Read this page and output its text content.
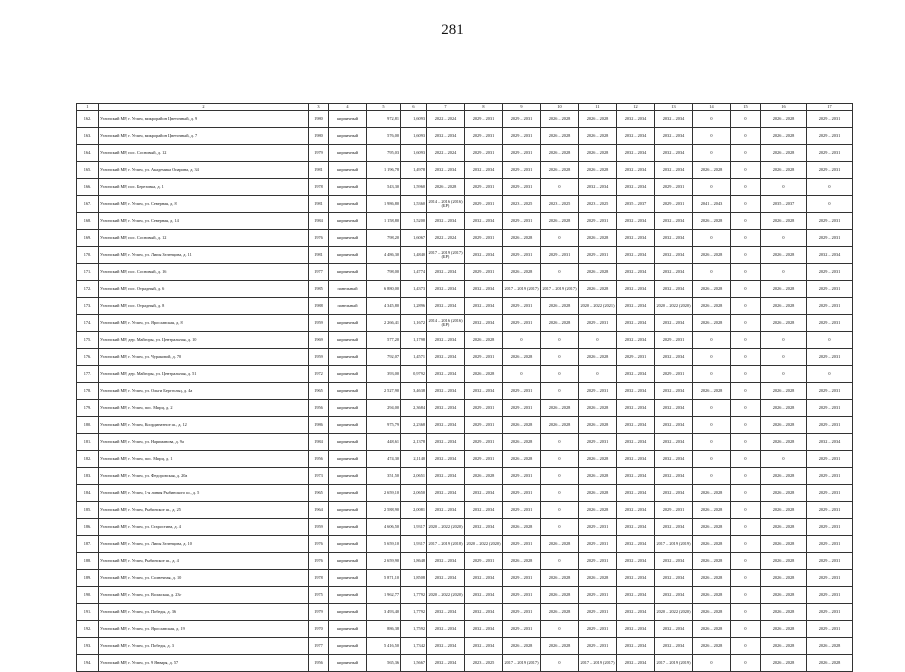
281
1	2	3	4	5	6	7	8	9	10	11	12	13	14	15	16	17
162.	Угличский МР, г. Углич, микрорайон Цветочный, д. 9	1980	кирпичный	972,81	1,6093	2022 – 2024	2029 – 2031	2029 – 2031	2026 – 2028	2026 – 2028	2032 – 2034	2032 – 2034	0	0	2026 – 2028	2029 – 2031
163.	Угличский МР, г. Углич, микрорайон Цветочный, д. 7	1980	кирпичный	576,00	1,6093	2032 – 2034	2029 – 2031	2029 – 2031	2026 – 2028	2026 – 2028	2032 – 2034	2032 – 2034	0	0	2026 – 2028	2029 – 2031
164.	Угличский МР, пос. Сосновый, д. 12	1979	кирпичный	795,03	1,6093	2022 – 2024	2029 – 2031	2029 – 2031	2026 – 2028	2026 – 2028	2032 – 2034	2032 – 2034	0	0	2026 – 2028	2029 – 2031
165.	Угличский МР, г. Углич, ул. Академика Опарина, д. 34	1981	кирпичный	1 196,78	1,4978	2032 – 2034	2032 – 2034	2029 – 2031	2026 – 2028	2026 – 2028	2032 – 2034	2032 – 2034	2026 – 2028	0	2026 – 2028	2029 – 2031
166.	Угличский МР, пос. Березовка, д. 1	1978	кирпичный	543,30	1,5960	2026 – 2028	2029 – 2031	2029 – 2031	0	2032 – 2034	2032 – 2034	2029 – 2031	0	0	0	0
167.	Угличский МР, г. Углич, ул. Северная, д. 8	1981	кирпичный	1 986,80	1,5360	2014 – 2016 (2016)(БР)	2029 – 2031	2023 – 2025	2023 – 2025	2023 – 2025	2035 – 2037	2029 – 2031	2041 – 2043	0	2035 – 2037	0
168.	Угличский МР, г. Углич, ул. Северная, д. 14	1984	кирпичный	1 158,80	1,5200	2032 – 2034	2032 – 2034	2029 – 2031	2026 – 2028	2029 – 2031	2032 – 2034	2032 – 2034	2026 – 2028	0	2026 – 2028	2029 – 2031
169.	Угличский МР, пос. Сосновый, д. 12	1976	кирпичный	798,20	1,6067	2022 – 2024	2029 – 2031	2026 – 2028	0	2026 – 2028	2032 – 2034	2032 – 2034	0	0	0	2029 – 2031
170.	Угличский МР, г. Углич, ул. Липы Зеленцова, д. 11	1981	кирпичный	4 486,30	1,4840	2017 – 2019 (2017)(БР)	2032 – 2034	2029 – 2031	2029 – 2031	2029 – 2031	2032 – 2034	2032 – 2034	2026 – 2028	0	2026 – 2028	2032 – 2034
171.	Угличский МР, пос. Сосновый, д. 16	1977	кирпичный	798,00	1,4774	2032 – 2034	2029 – 2031	2026 – 2028	0	2026 – 2028	2032 – 2034	2032 – 2034	0	0	0	2029 – 2031
172.	Угличский МР, пос. Отрадный, д. 6	1985	панельный	6 880,00	1,4373	2032 – 2034	2032 – 2034	2017 – 2019 (2017)	2017 – 2019 (2017)	2026 – 2028	2032 – 2034	2032 – 2034	2026 – 2028	0	2026 – 2028	2029 – 2031
173.	Угличский МР, пос. Отрадный, д. 8	1988	панельный	4 345,80	1,2896	2032 – 2034	2032 – 2034	2029 – 2031	2026 – 2028	2020 – 2022 (2021)	2032 – 2034	2020 – 2022 (2020)	2026 – 2028	0	2026 – 2028	2029 – 2031
174.	Угличский МР, г. Углич, ул. Ярославская, д. 8	1959	кирпичный	2 266,41	1,1672	2014 – 2016 (2016)(БР)	2032 – 2034	2029 – 2031	2026 – 2028	2029 – 2031	2032 – 2034	2032 – 2034	2026 – 2028	0	2026 – 2028	2029 – 2031
175.	Угличский МР, дер. Майгоры, ул. Центральная, д. 10	1969	кирпичный	577,20	1,1798	2032 – 2034	2026 – 2028	0	0	0	2032 – 2034	2029 – 2031	0	0	0	0
176.	Угличский МР, г. Углич, ул. Чураковой, д. 70	1959	кирпичный	792,07	1,4571	2032 – 2034	2029 – 2031	2026 – 2028	0	2026 – 2028	2029 – 2031	2032 – 2034	0	0	0	2029 – 2031
177.	Угличский МР, дер. Майгоры, ул. Центральная, д. 51	1972	кирпичный	393,00	0,9792	2032 – 2034	2026 – 2028	0	0	0	2032 – 2034	2029 – 2031	0	0	0	0
178.	Угличский МР, г. Углич, ул. Ольги Берггольц, д. 4а	1965	кирпичный	2 527,90	3,4638	2032 – 2034	2032 – 2034	2029 – 2031	0	2029 – 2031	2032 – 2034	2032 – 2034	2026 – 2028	0	2026 – 2028	2029 – 2031
179.	Угличский МР, г. Углич, пос. Мирц, д. 2	1956	кирпичный	294,00	2,3684	2032 – 2034	2029 – 2031	2029 – 2031	2026 – 2028	2026 – 2028	2032 – 2034	2032 – 2034	0	0	2026 – 2028	2029 – 2031
180.	Угличский МР, г. Углич, Координатное ш., д. 12	1986	кирпичный	975,79	2,2368	2032 – 2034	2029 – 2031	2026 – 2028	2026 – 2028	2026 – 2028	2032 – 2034	2032 – 2034	0	0	2026 – 2028	2029 – 2031
181.	Угличский МР, г. Углич, ул. Нариманова, д. 9а	1984	кирпичный	448,61	2,1378	2032 – 2034	2029 – 2031	2026 – 2028	0	2029 – 2031	2032 – 2034	2032 – 2034	0	0	2026 – 2028	2032 – 2034
182.	Угличский МР, г. Углич, пос. Мирц, д. 1	1956	кирпичный	474,30	2,1140	2032 – 2034	2029 – 2031	2026 – 2028	0	2026 – 2028	2032 – 2034	2032 – 2034	0	0	0	2029 – 2031
183.	Угличский МР, г. Углич, ул. Федоровская, д. 20а	1973	кирпичный	351,50	2,0651	2032 – 2034	2026 – 2028	2029 – 2031	0	2026 – 2028	2032 – 2034	2032 – 2034	0	0	2026 – 2028	2029 – 2031
184.	Угличский МР, г. Углич, 1-я линия Рыбинского ш., д. 5	1965	кирпичный	2 659,10	2,0650	2032 – 2034	2032 – 2034	2029 – 2031	0	2026 – 2028	2032 – 2034	2032 – 2034	2026 – 2028	0	2026 – 2028	2029 – 2031
185.	Угличский МР, г. Углич, Рыбинское ш., д. 25	1964	кирпичный	2 588,90	2,0081	2032 – 2034	2032 – 2034	2029 – 2031	0	2026 – 2028	2032 – 2034	2029 – 2031	2026 – 2028	0	2026 – 2028	2029 – 2031
186.	Угличский МР, г. Углич, ул. Старостина, д. 4	1959	кирпичный	4 606,50	1,9317	2020 – 2022 (2020)	2032 – 2034	2026 – 2028	0	2029 – 2031	2032 – 2034	2032 – 2034	2026 – 2028	0	2026 – 2028	2029 – 2031
187.	Угличский МР, г. Углич, ул. Липы Зеленцова, д. 10	1976	кирпичный	5 659,10	1,9317	2017 – 2019 (2018)	2020 – 2022 (2020)	2029 – 2031	2026 – 2028	2029 – 2031	2032 – 2034	2017 – 2019 (2019)	2026 – 2028	0	2026 – 2028	2029 – 2031
188.	Угличский МР, г. Углич, Рыбинское ш., д. 4	1976	кирпичный	2 659,90	1,8648	2032 – 2034	2029 – 2031	2026 – 2028	0	2029 – 2031	2032 – 2034	2032 – 2034	2026 – 2028	0	2026 – 2028	2029 – 2031
189.	Угличский МР, г. Углич, ул. Солнечная, д. 10	1978	кирпичный	5 871,10	1,8508	2032 – 2034	2032 – 2034	2029 – 2031	2026 – 2028	2026 – 2028	2032 – 2034	2032 – 2034	2026 – 2028	0	2026 – 2028	2029 – 2031
190.	Угличский МР, г. Углич, ул. Волжская, д. 23г	1975	кирпичный	1 962,77	1,7792	2020 – 2022 (2020)	2032 – 2034	2029 – 2031	2026 – 2028	2029 – 2031	2032 – 2034	2032 – 2034	2026 – 2028	0	2026 – 2028	2029 – 2031
191.	Угличский МР, г. Углич, ул. Победы, д. 36	1979	кирпичный	3 493,40	1,7792	2032 – 2034	2032 – 2034	2029 – 2031	2026 – 2028	2029 – 2031	2032 – 2034	2020 – 2022 (2020)	2026 – 2028	0	2026 – 2028	2029 – 2031
192.	Угличский МР, г. Углич, ул. Ярославская, д. 19	1970	кирпичный	886,38	1,7592	2032 – 2034	2032 – 2034	2029 – 2031	0	2029 – 2031	2032 – 2034	2032 – 2034	2026 – 2028	0	2026 – 2028	2029 – 2031
193.	Угличский МР, г. Углич, ул. Победы, д. 3	1977	кирпичный	5 416,50	1,7342	2032 – 2034	2032 – 2034	2026 – 2028	2026 – 2028	2029 – 2031	2032 – 2034	2032 – 2034	2026 – 2028	0	2026 – 2028	2026 – 2028
194.	Угличский МР, г. Углич, ул. 9 Января, д. 57	1956	кирпичный	565,36	1,5667	2032 – 2034	2023 – 2025	2017 – 2019 (2017)	0	2017 – 2019 (2017)	2032 – 2034	2017 – 2019 (2019)	0	0	2026 – 2028	2026 – 2028
